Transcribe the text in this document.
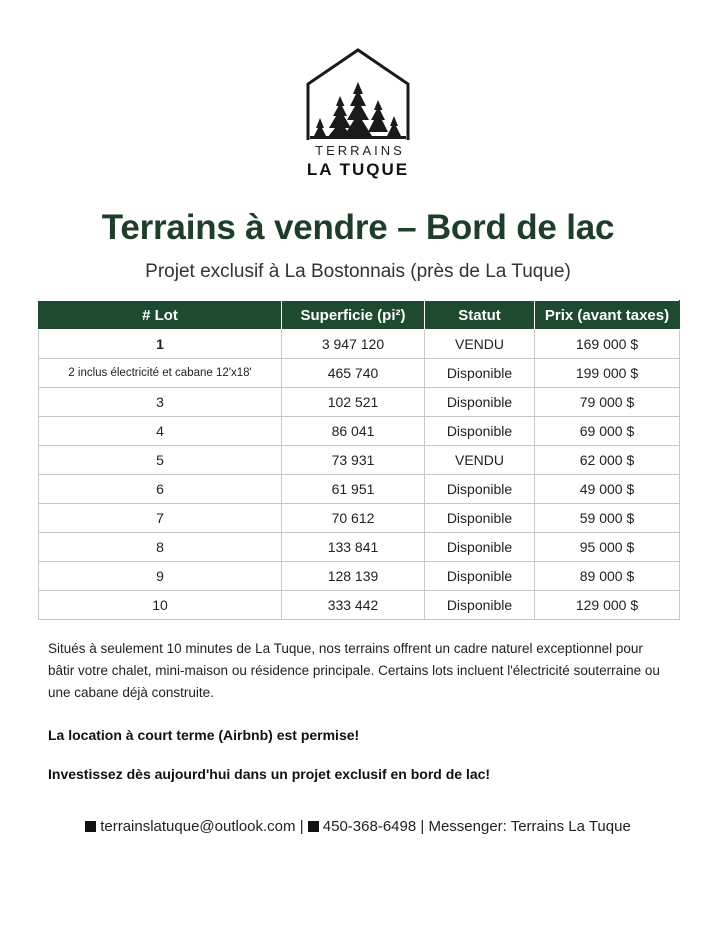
TERRAINS
LA TUQUE
Terrains à vendre – Bord de lac
Projet exclusif à La Bostonnais (près de La Tuque)
# Lot	Superficie (pi²)	Statut	Prix (avant taxes)
1	3 947 120	VENDU	169 000 $
2 inclus électricité et cabane 12'x18'	465 740	Disponible	199 000 $
3	102 521	Disponible	79 000 $
4	86 041	Disponible	69 000 $
5	73 931	VENDU	62 000 $
6	61 951	Disponible	49 000 $
7	70 612	Disponible	59 000 $
8	133 841	Disponible	95 000 $
9	128 139	Disponible	89 000 $
10	333 442	Disponible	129 000 $
Situés à seulement 10 minutes de La Tuque, nos terrains offrent un cadre naturel exceptionnel pour
bâtir votre chalet, mini-maison ou résidence principale. Certains lots incluent l'électricité souterraine ou
une cabane déjà construite.
La location à court terme (Airbnb) est permise!
Investissez dès aujourd'hui dans un projet exclusif en bord de lac!
terrainslatuque@outlook.com | 450-368-6498 | Messenger: Terrains La Tuque
